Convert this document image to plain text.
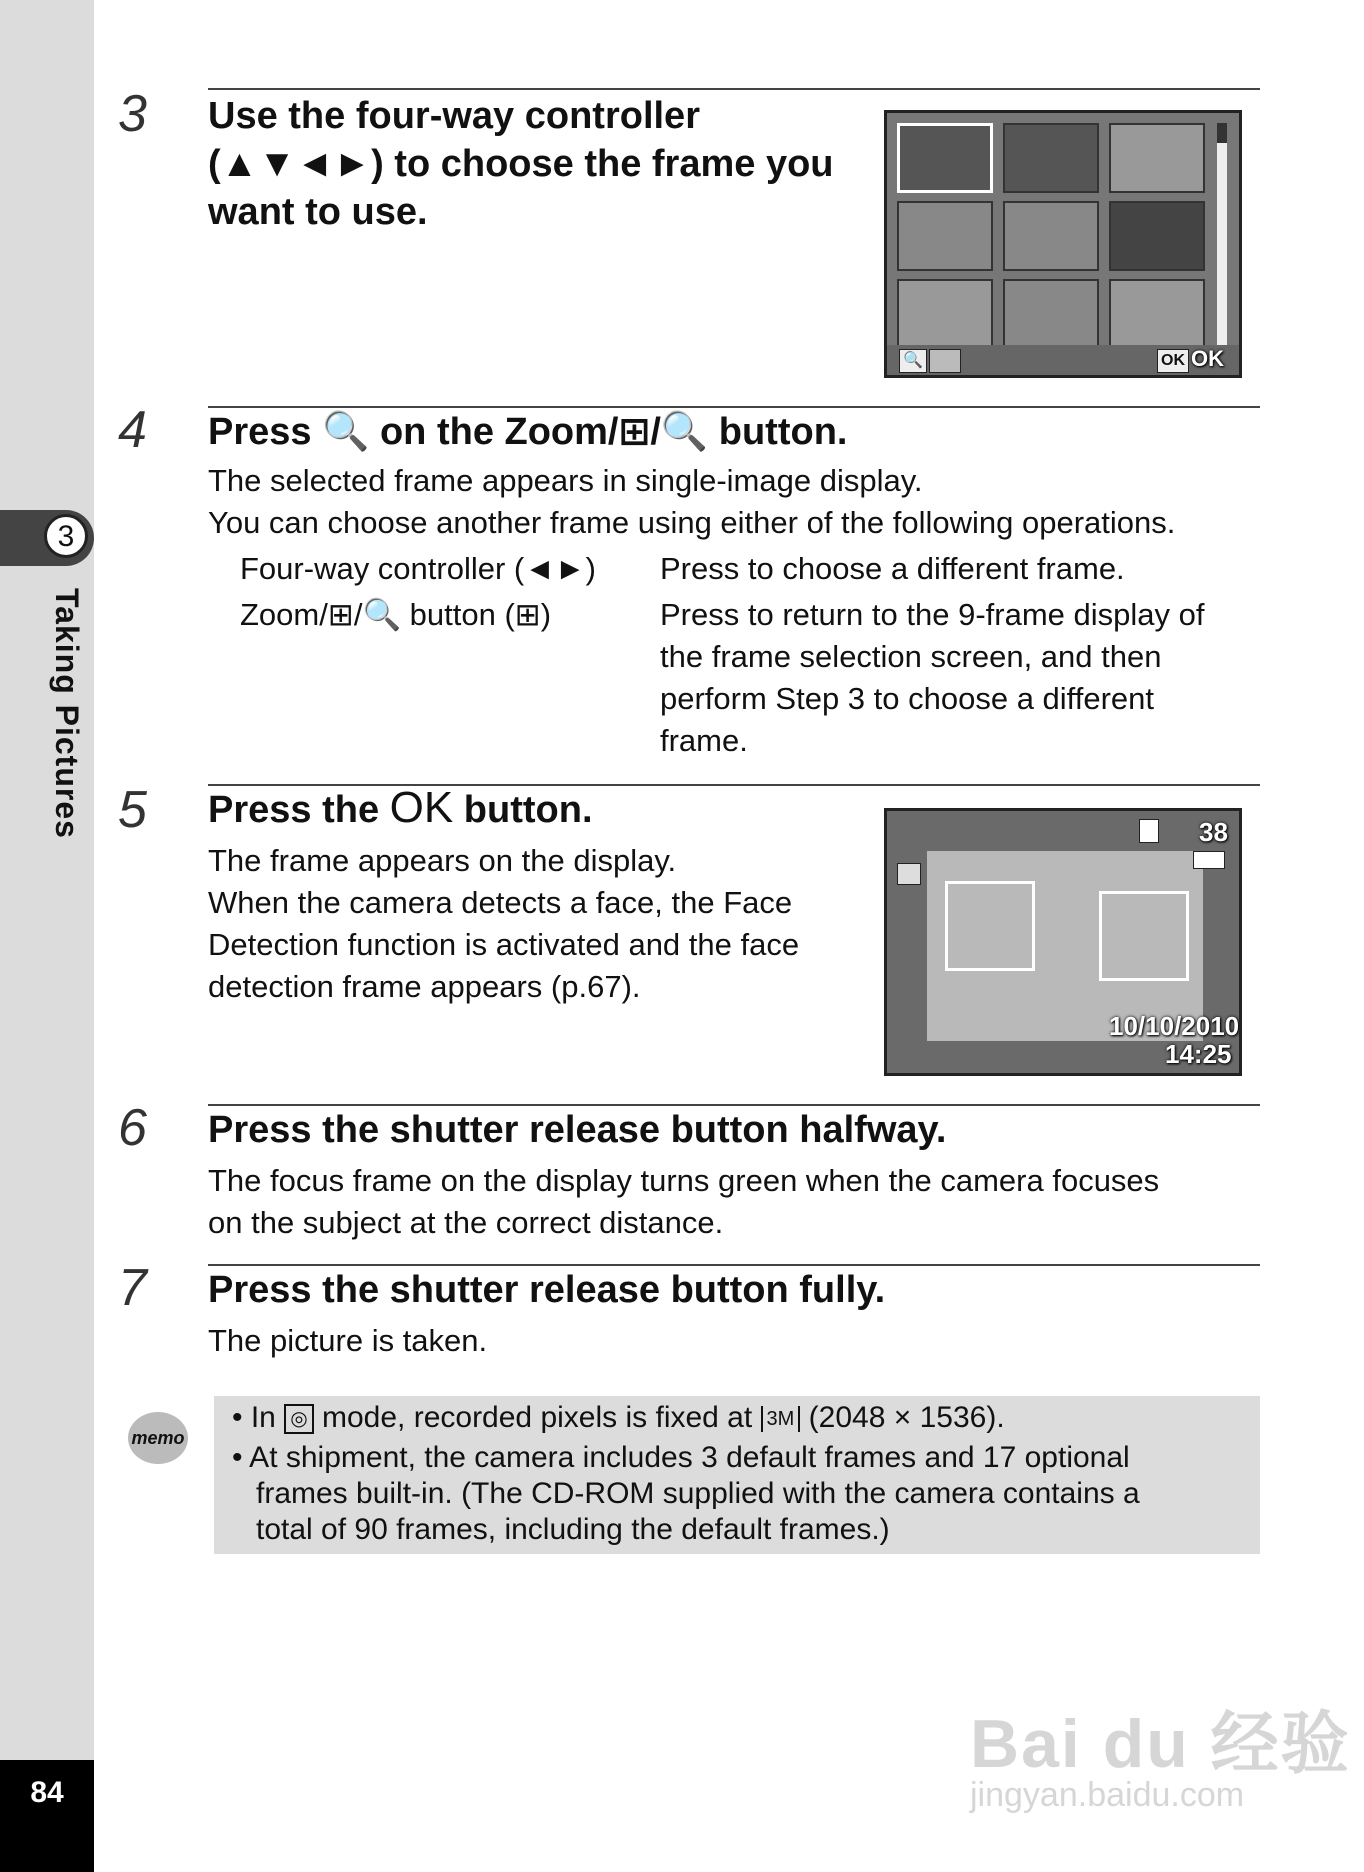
3
Taking Pictures
84
3 Use the four-way controller
(▲▼◄►) to choose the frame you
want to use.
🔍	OK OK
4 Press 🔍 on the Zoom/⊞/🔍 button.
The selected frame appears in single-image display.
You can choose another frame using either of the following operations.
Four-way controller (◄►) Press to choose a different frame.
Zoom/⊞/🔍 button (⊞)	Press to return to the 9-frame display of
the frame selection screen, and then
perform Step 3 to choose a different
frame.
5 Press the OK button.
The frame appears on the display.
When the camera detects a face, the Face
Detection function is activated and the face
detection frame appears (p.67).
38
10/10/2010
14:25
6 Press the shutter release button halfway.
The focus frame on the display turns green when the camera focuses
on the subject at the correct distance.
7 Press the shutter release button fully.
The picture is taken.
memo
• In ◎ mode, recorded pixels is fixed at 3M (2048 × 1536).
• At shipment, the camera includes 3 default frames and 17 optional
frames built-in. (The CD-ROM supplied with the camera contains a
total of 90 frames, including the default frames.)
Bai du 经验
jingyan.baidu.com
